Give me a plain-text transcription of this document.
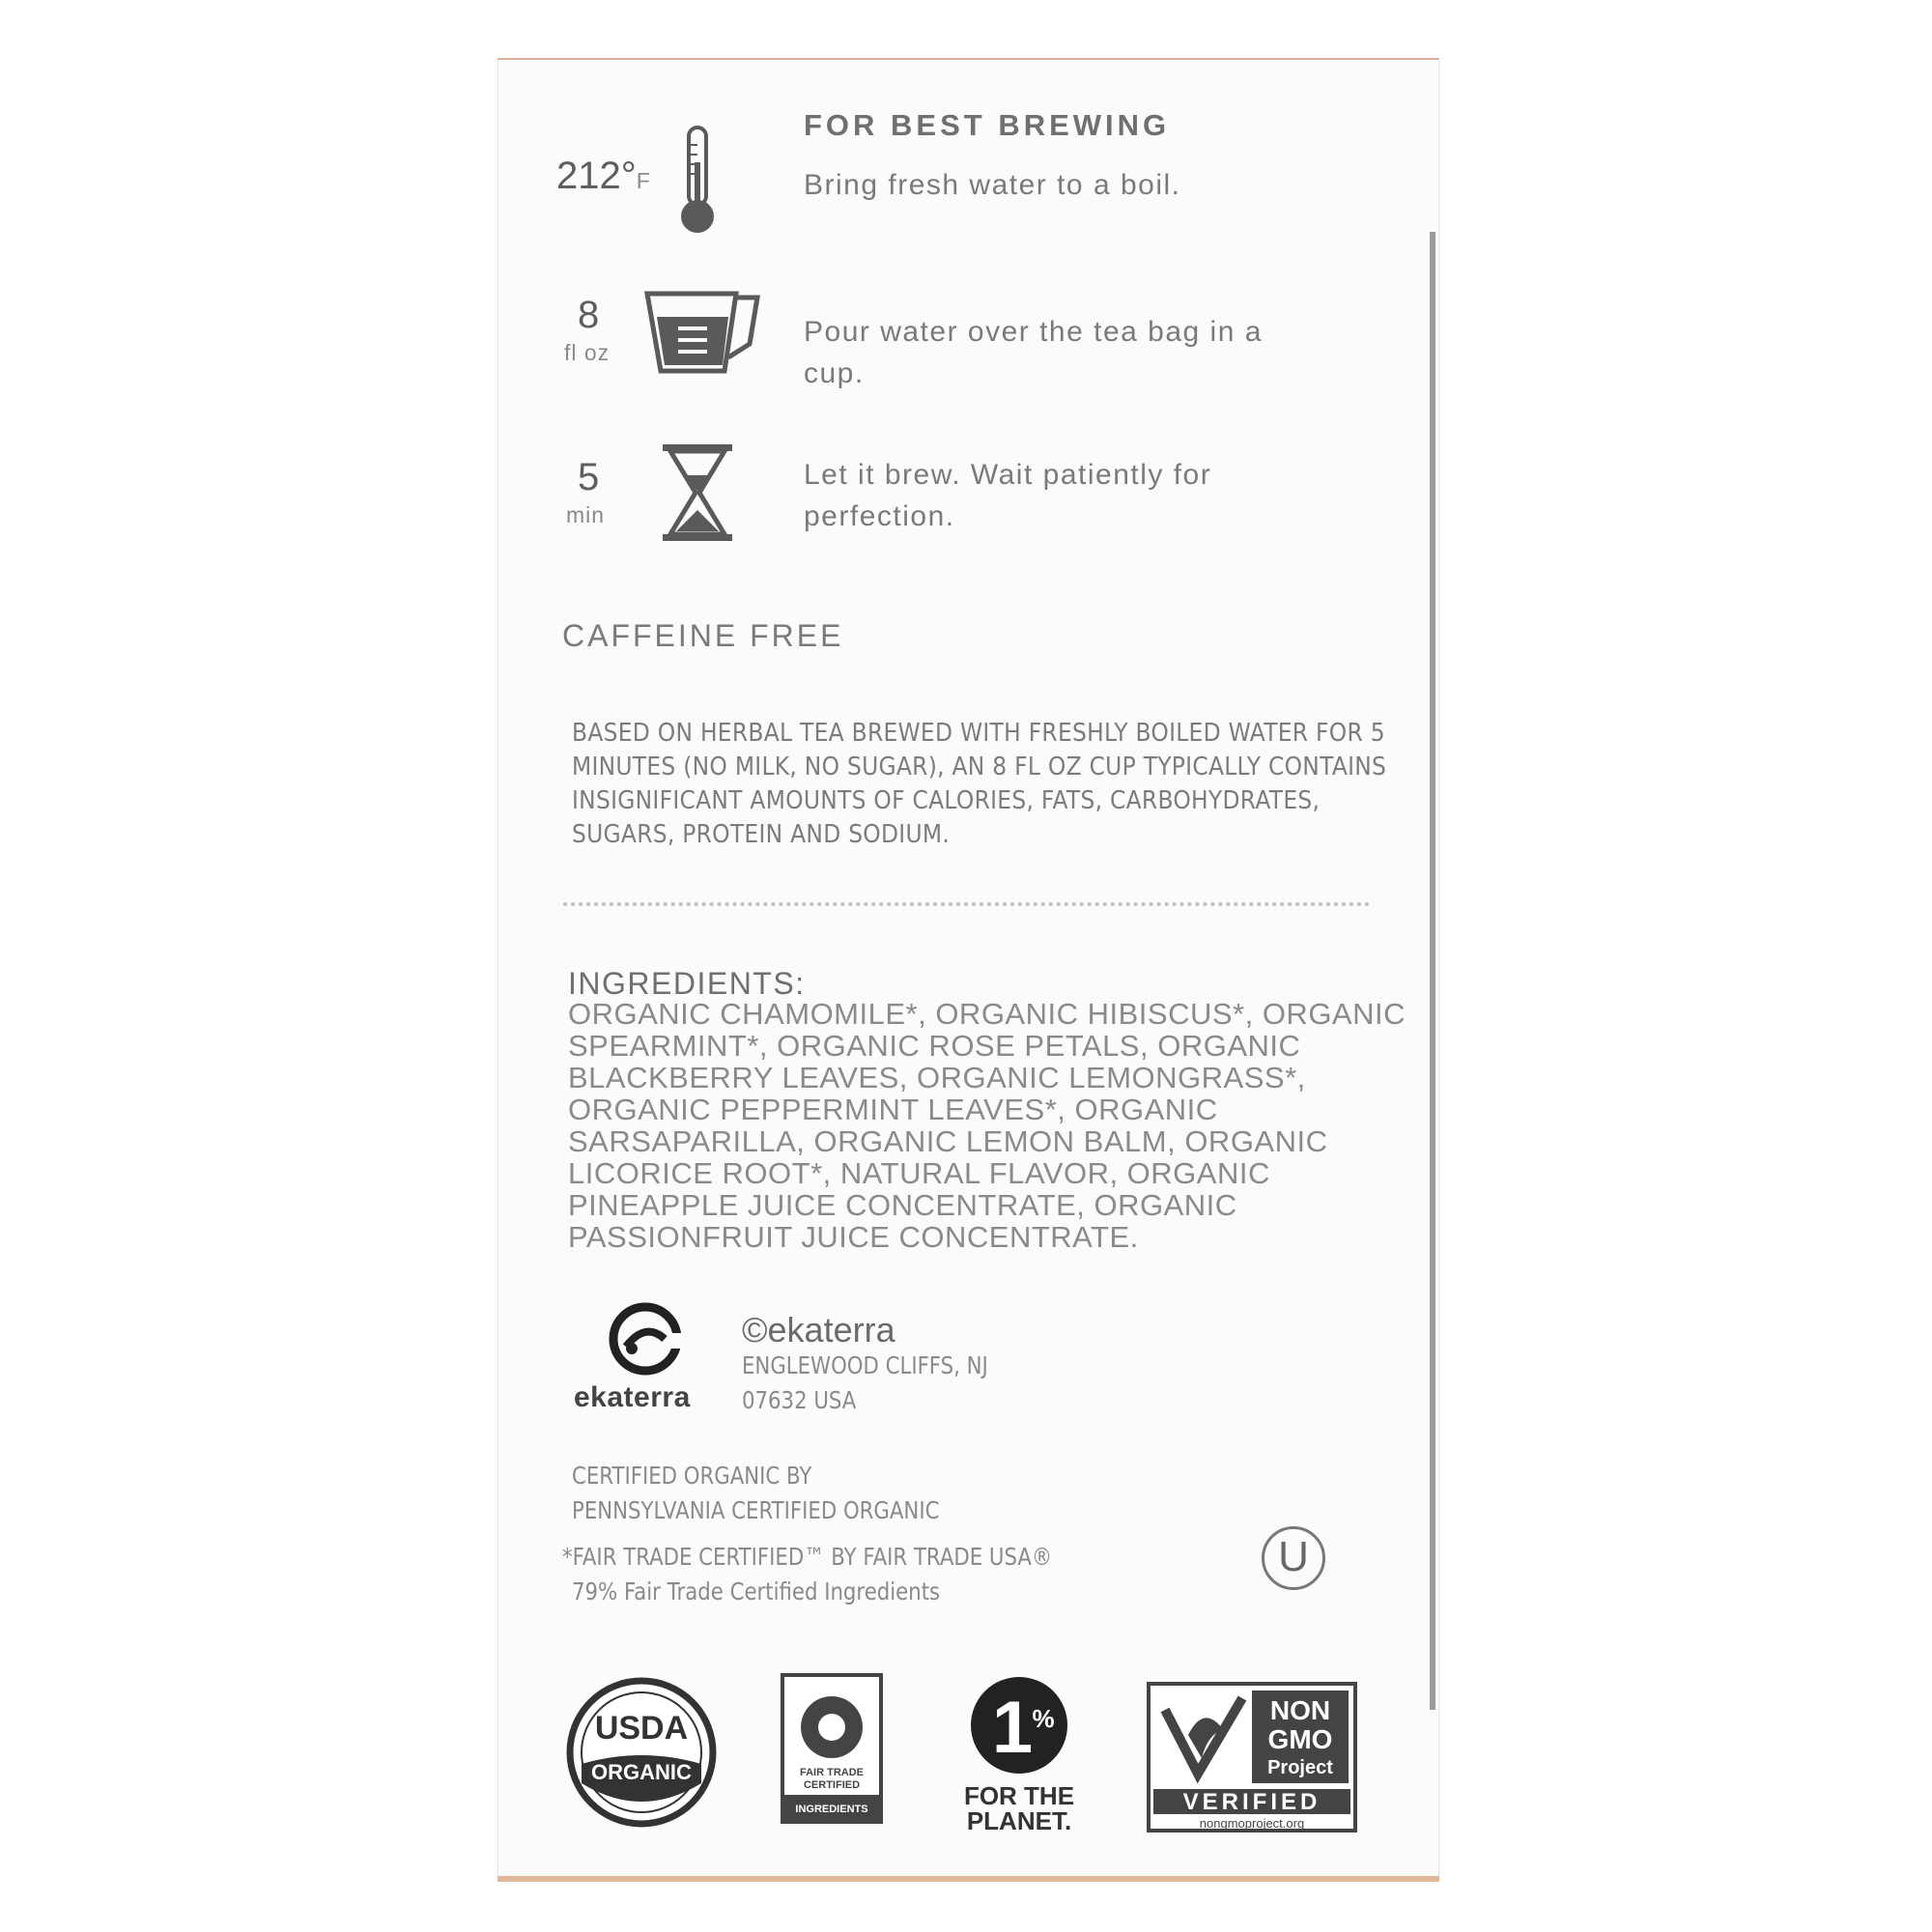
FOR BEST BREWING
212°F	Bring fresh water to a boil.
8
fl oz
Pour water over the tea bag in a cup.
5
min
Let it brew. Wait patiently for perfection.
CAFFEINE FREE
BASED ON HERBAL TEA BREWED WITH FRESHLY BOILED WATER FOR 5 MINUTES (NO MILK, NO SUGAR), AN 8 FL OZ CUP TYPICALLY CONTAINS INSIGNIFICANT AMOUNTS OF CALORIES, FATS, CARBOHYDRATES, SUGARS, PROTEIN AND SODIUM.
INGREDIENTS:
ORGANIC CHAMOMILE*, ORGANIC HIBISCUS*, ORGANIC SPEARMINT*, ORGANIC ROSE PETALS, ORGANIC BLACKBERRY LEAVES, ORGANIC LEMONGRASS*, ORGANIC PEPPERMINT LEAVES*, ORGANIC SARSAPARILLA, ORGANIC LEMON BALM, ORGANIC LICORICE ROOT*, NATURAL FLAVOR, ORGANIC PINEAPPLE JUICE CONCENTRATE, ORGANIC PASSIONFRUIT JUICE CONCENTRATE.
ekaterra
©ekaterra
ENGLEWOOD CLIFFS, NJ
07632 USA
CERTIFIED ORGANIC BY
PENNSYLVANIA CERTIFIED ORGANIC
*FAIR TRADE CERTIFIED™ BY FAIR TRADE USA®
79% Fair Trade Certified Ingredients
U
USDA
ORGANIC	FAIR TRADE
CERTIFIED
INGREDIENTS
1 %
FOR THE
PLANET.
NON
GMO
Project
VERIFIED
nongmoproject.org
